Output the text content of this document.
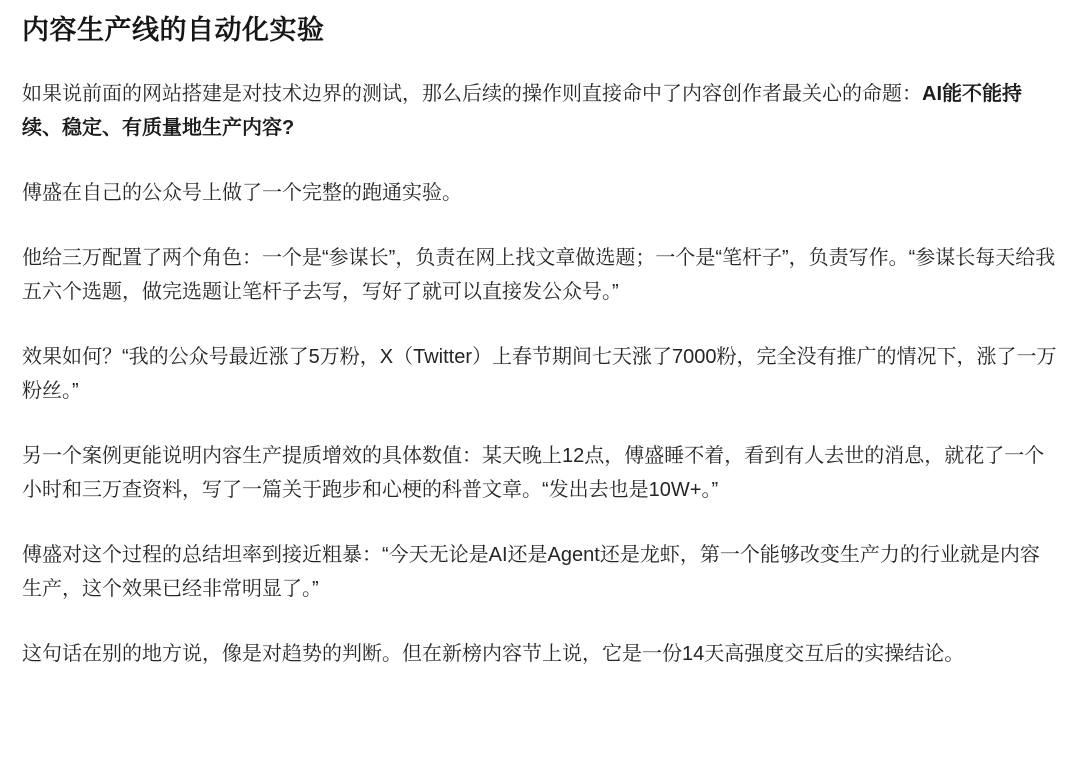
内容生产线的自动化实验

如果说前面的网站搭建是对技术边界的测试，那么后续的操作则直接命中了内容创作者最关心的命题：AI能不能持续、稳定、有质量地生产内容?

傅盛在自己的公众号上做了一个完整的跑通实验。

他给三万配置了两个角色：一个是“参谋长”，负责在网上找文章做选题；一个是“笔杆子”，负责写作。“参谋长每天给我五六个选题，做完选题让笔杆子去写，写好了就可以直接发公众号。”

效果如何？“我的公众号最近涨了5万粉，X（Twitter）上春节期间七天涨了7000粉，完全没有推广的情况下，涨了一万粉丝。”

另一个案例更能说明内容生产提质增效的具体数值：某天晚上12点，傅盛睡不着，看到有人去世的消息，就花了一个小时和三万查资料，写了一篇关于跑步和心梗的科普文章。“发出去也是10W+。”

傅盛对这个过程的总结坦率到接近粗暴：“今天无论是AI还是Agent还是龙虾，第一个能够改变生产力的行业就是内容生产，这个效果已经非常明显了。”

这句话在别的地方说，像是对趋势的判断。但在新榜内容节上说，它是一份14天高强度交互后的实操结论。
